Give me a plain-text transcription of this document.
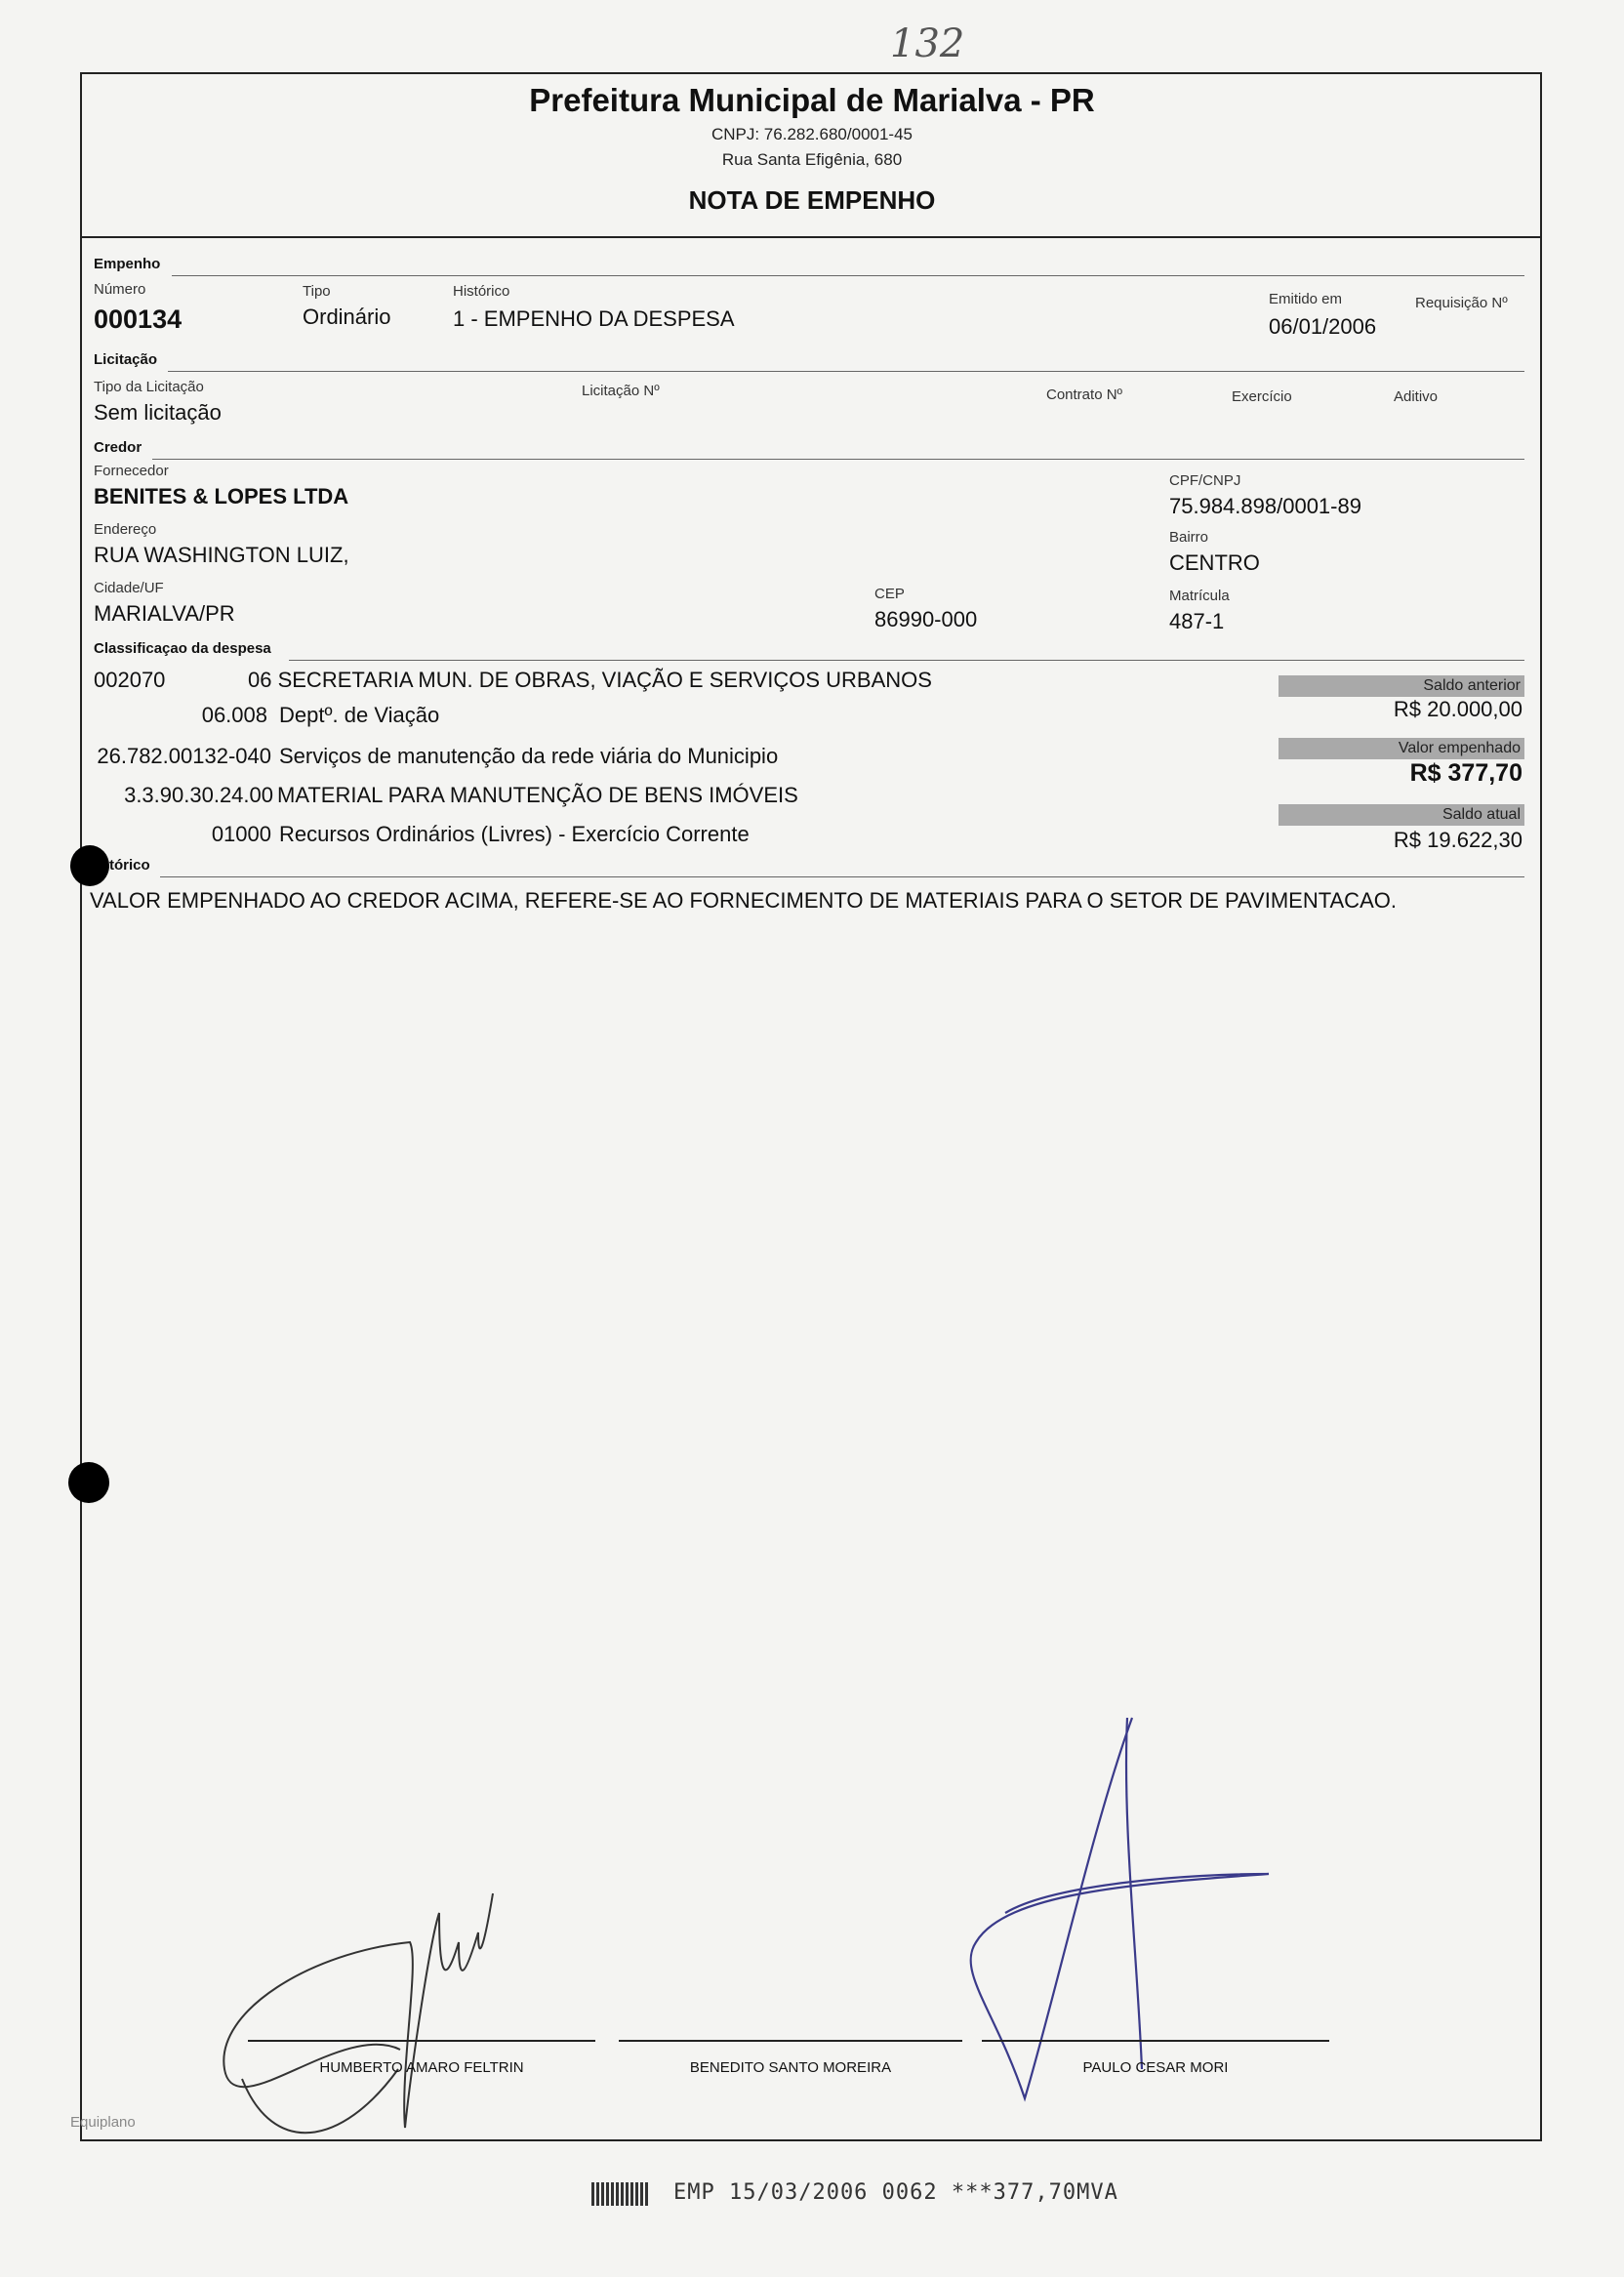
132
Prefeitura Municipal de Marialva - PR
CNPJ: 76.282.680/0001-45
Rua Santa Efigênia, 680
NOTA DE EMPENHO
Empenho
Número
000134
Tipo
Ordinário
Histórico
1 - EMPENHO DA DESPESA
Emitido em
06/01/2006
Requisição Nº
Licitação
Tipo da Licitação
Sem licitação
Licitação Nº	Contrato Nº	Exercício	Aditivo
Credor
Fornecedor
BENITES & LOPES LTDA
CPF/CNPJ
75.984.898/0001-89
Endereço
RUA WASHINGTON LUIZ,
Bairro
CENTRO
Cidade/UF
MARIALVA/PR
CEP
86990-000
Matrícula
487-1
Classificaçao da despesa
002070	06 SECRETARIA MUN. DE OBRAS, VIAÇÃO E SERVIÇOS URBANOS
06.008 Deptº. de Viação
26.782.00132-040 Serviços de manutenção da rede viária do Municipio
3.3.90.30.24.00 MATERIAL PARA MANUTENÇÃO DE BENS IMÓVEIS
01000 Recursos Ordinários (Livres) - Exercício Corrente
Saldo anterior
R$ 20.000,00
Valor empenhado
R$ 377,70
Saldo atual
R$ 19.622,30
tórico
VALOR EMPENHADO AO CREDOR ACIMA, REFERE-SE AO FORNECIMENTO DE MATERIAIS PARA O SETOR DE PAVIMENTACAO.
HUMBERTO AMARO FELTRIN	BENEDITO SANTO MOREIRA	PAULO CESAR MORI
Equiplano
EMP 15/03/2006 0062 ***377,70MVA
